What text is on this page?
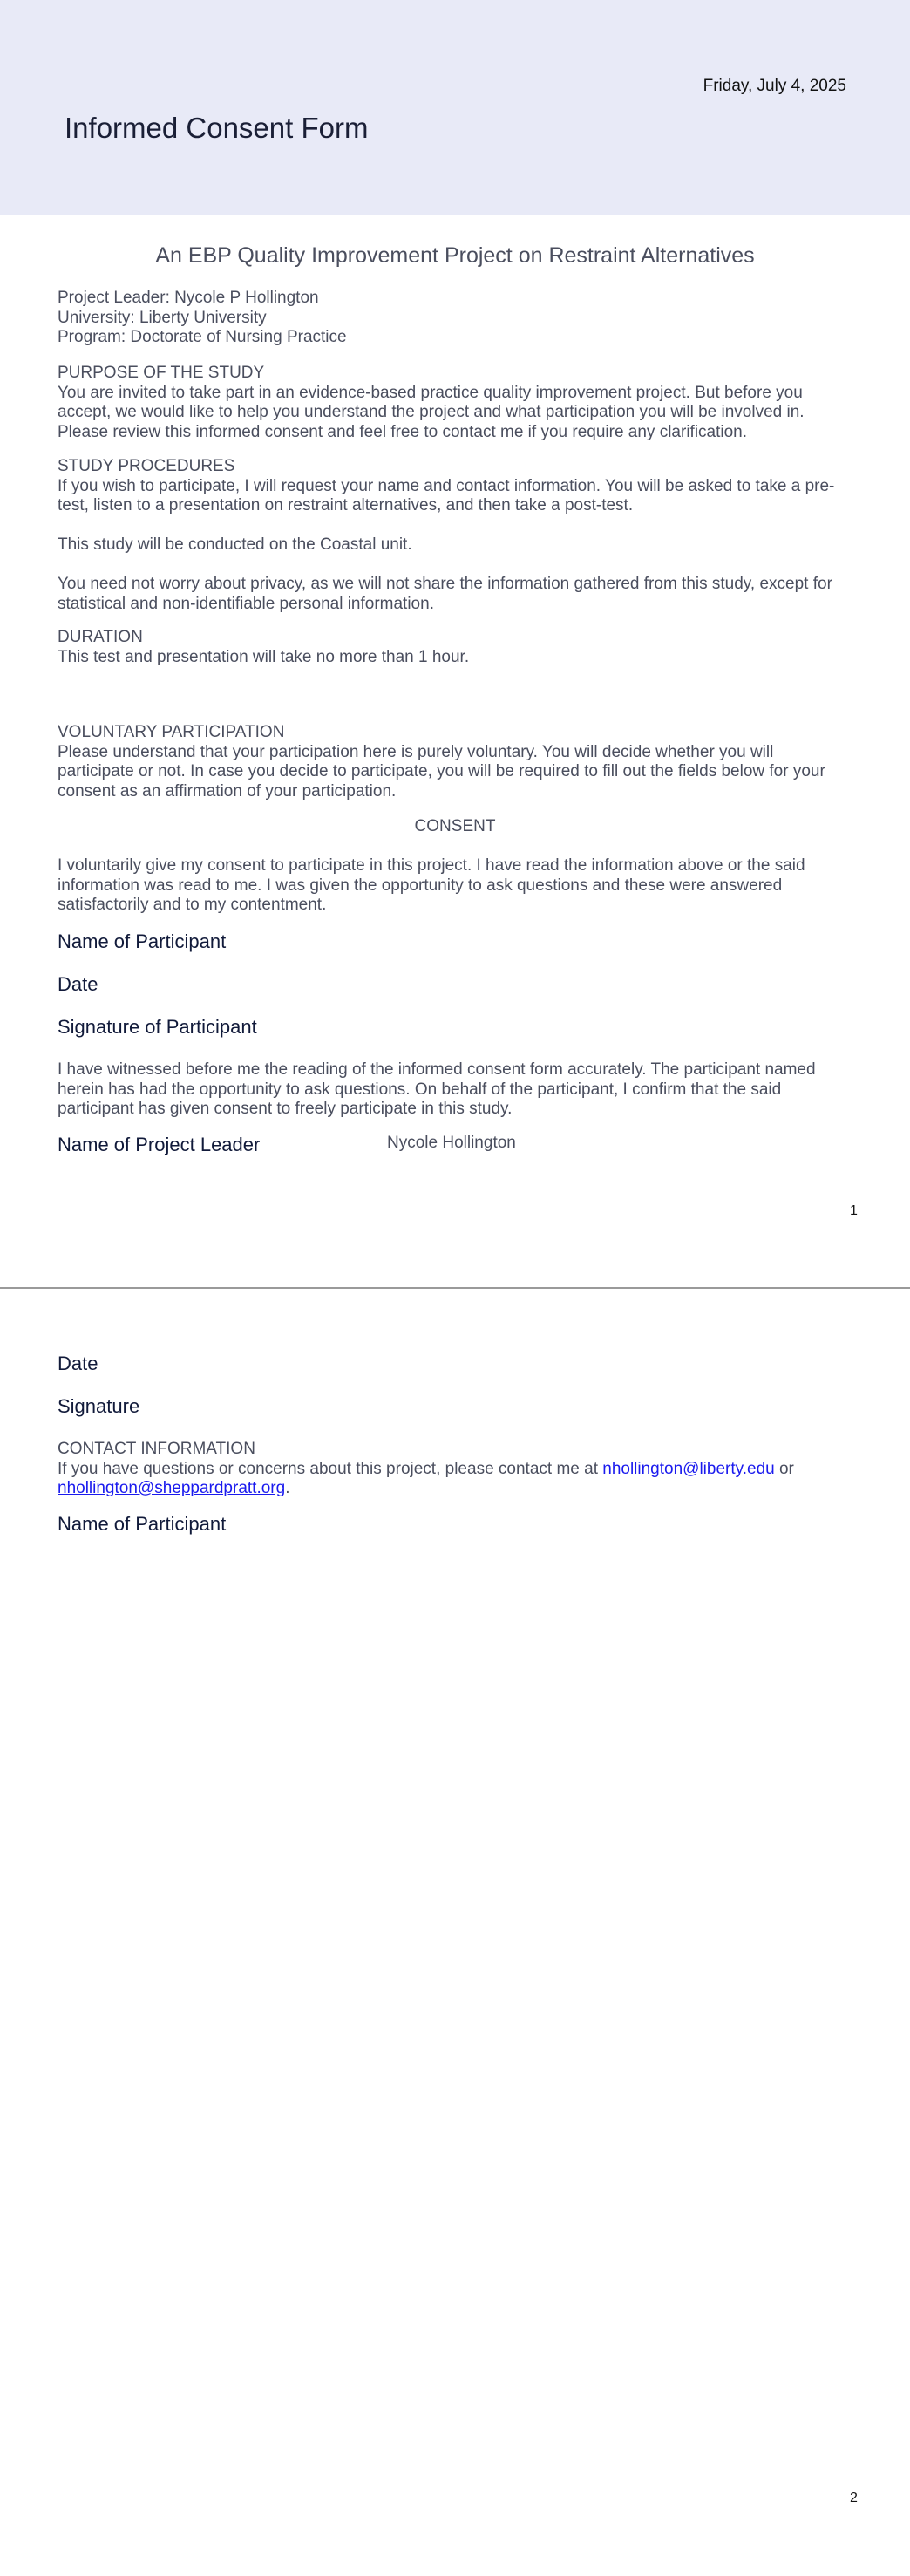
Friday, July 4, 2025
Informed Consent Form
An EBP Quality Improvement Project on Restraint Alternatives
Project Leader: Nycole P Hollington
University: Liberty University
Program: Doctorate of Nursing Practice
PURPOSE OF THE STUDY
You are invited to take part in an evidence-based practice quality improvement project. But before you accept, we would like to help you understand the project and what participation you will be involved in. Please review this informed consent and feel free to contact me if you require any clarification.
STUDY PROCEDURES
If you wish to participate, I will request your name and contact information. You will be asked to take a pre-test, listen to a presentation on restraint alternatives, and then take a post-test.
This study will be conducted on the Coastal unit.
You need not worry about privacy, as we will not share the information gathered from this study, except for statistical and non-identifiable personal information.
DURATION
This test and presentation will take no more than 1 hour.
VOLUNTARY PARTICIPATION
Please understand that your participation here is purely voluntary. You will decide whether you will participate or not. In case you decide to participate, you will be required to fill out the fields below for your consent as an affirmation of your participation.
CONSENT
I voluntarily give my consent to participate in this project. I have read the information above or the said information was read to me. I was given the opportunity to ask questions and these were answered satisfactorily and to my contentment.
Name of Participant
Date
Signature of Participant
I have witnessed before me the reading of the informed consent form accurately. The participant named herein has had the opportunity to ask questions. On behalf of the participant, I confirm that the said participant has given consent to freely participate in this study.
Name of Project Leader	Nycole Hollington
1
Date
Signature
CONTACT INFORMATION
If you have questions or concerns about this project, please contact me at nhollington@liberty.edu or nhollington@sheppardpratt.org.
Name of Participant
2
